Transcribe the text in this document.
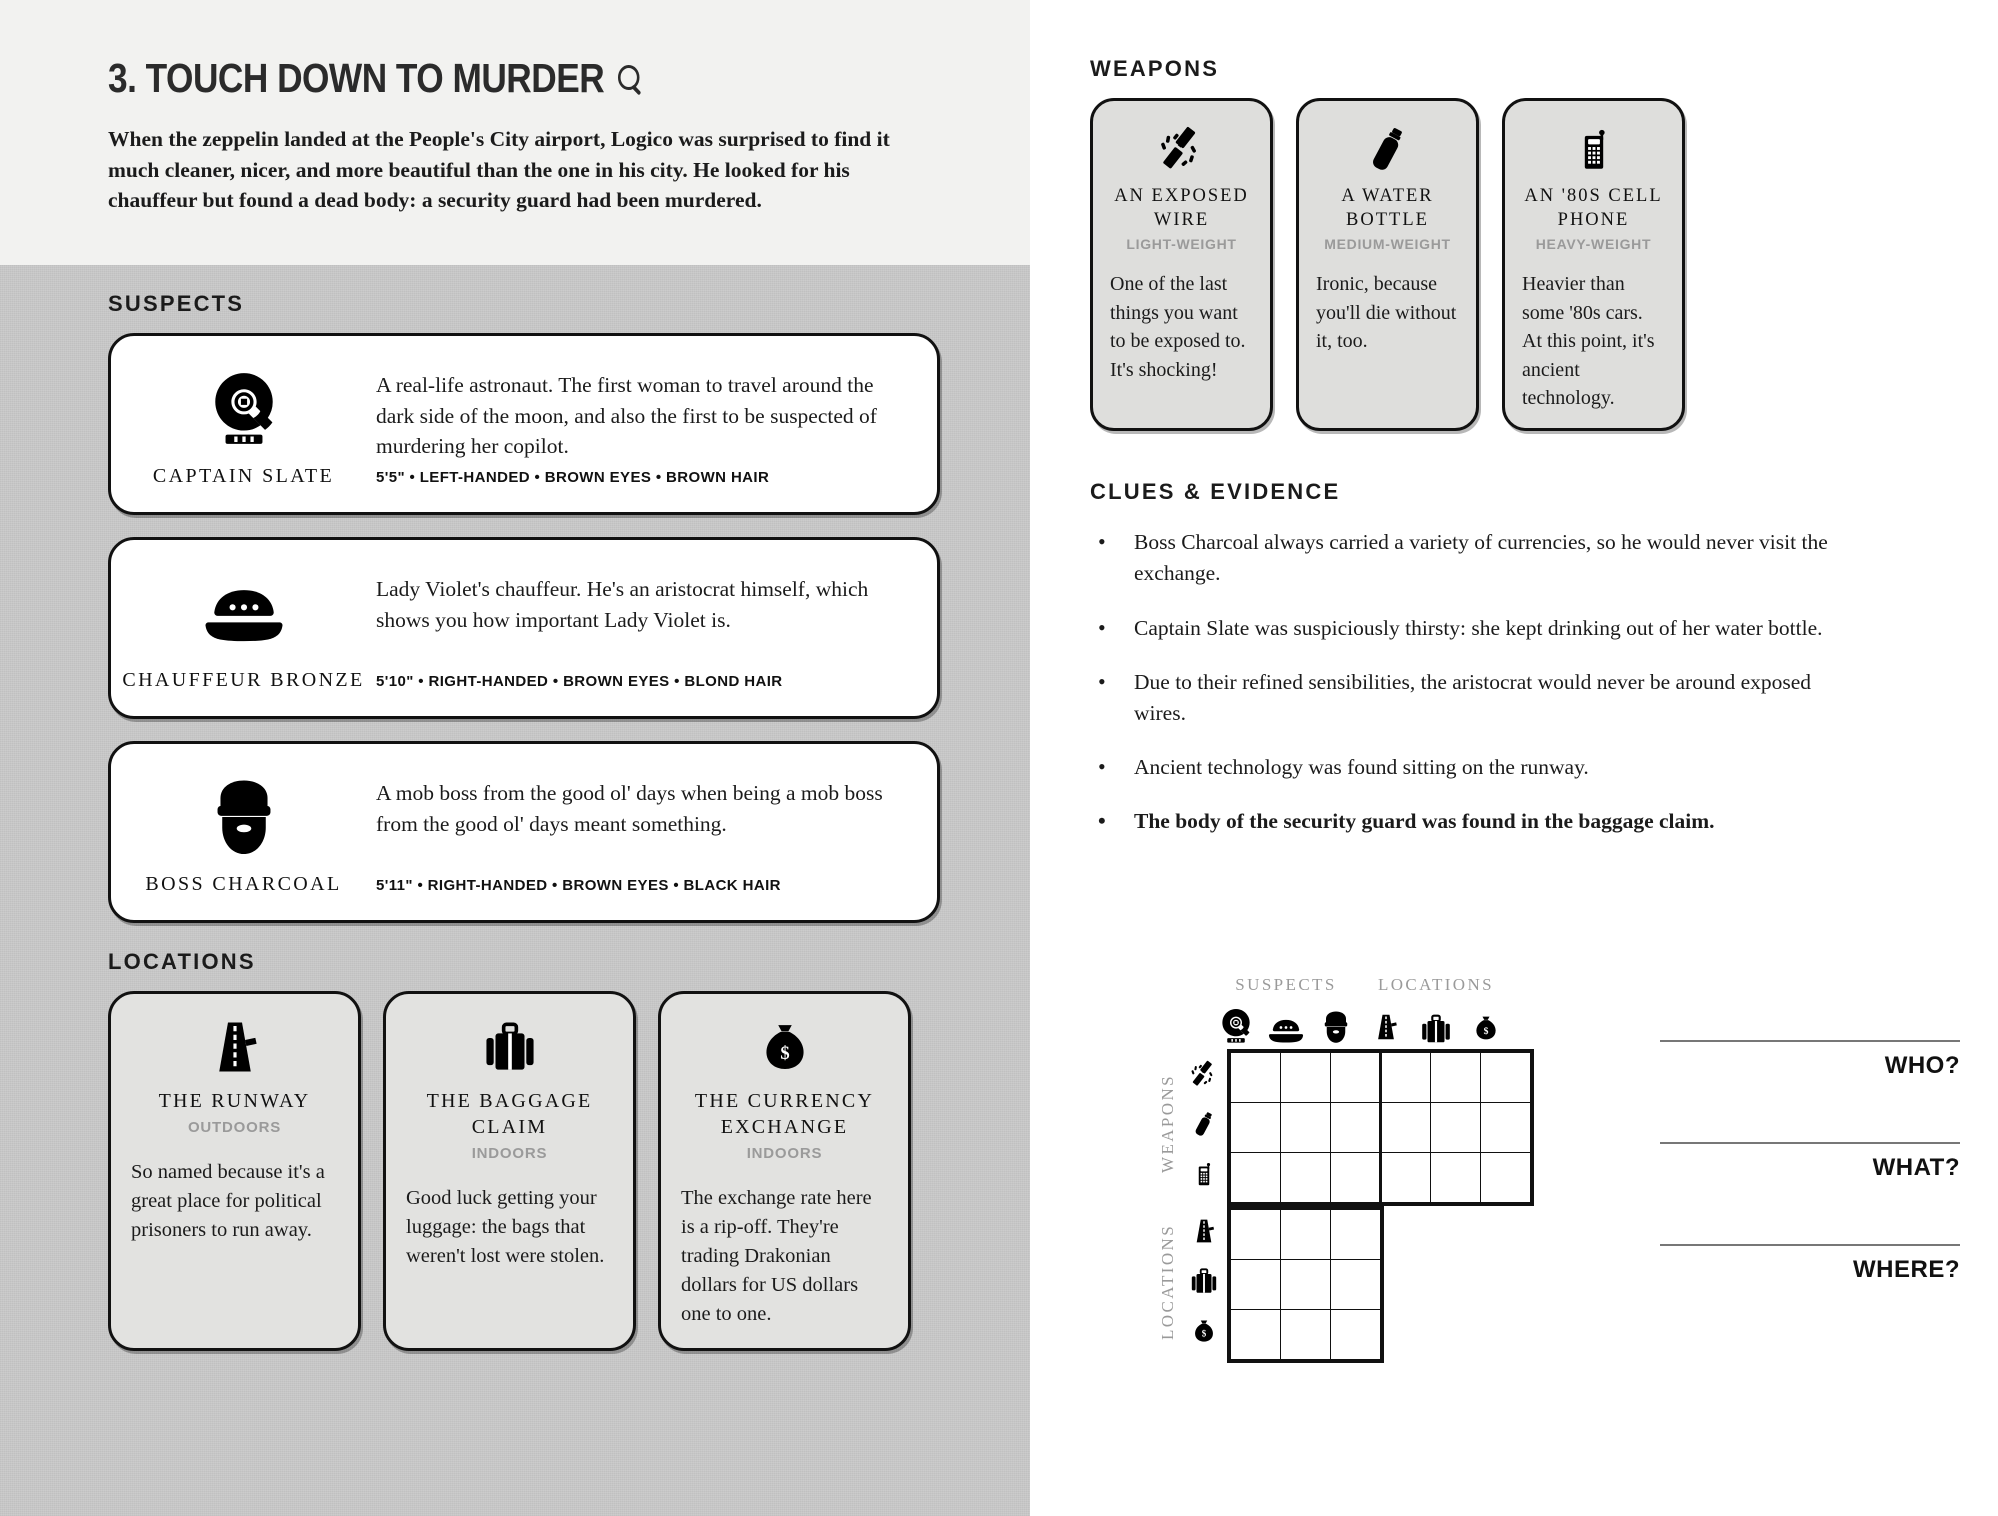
3. TOUCH DOWN TO MURDER

When the zeppelin landed at the People's City airport, Logico was surprised to find it much cleaner, nicer, and more beautiful than the one in his city. He looked for his chauffeur but found a dead body: a security guard had been murdered.

SUSPECTS
CAPTAIN SLATE
A real-life astronaut. The first woman to travel around the dark side of the moon, and also the first to be suspected of murdering her copilot.
5'5" • LEFT-HANDED • BROWN EYES • BROWN HAIR
CHAUFFEUR BRONZE
Lady Violet's chauffeur. He's an aristocrat himself, which shows you how important Lady Violet is.
5'10" • RIGHT-HANDED • BROWN EYES • BLOND HAIR
BOSS CHARCOAL
A mob boss from the good ol' days when being a mob boss from the good ol' days meant something.
5'11" • RIGHT-HANDED • BROWN EYES • BLACK HAIR
LOCATIONS
THE RUNWAY
OUTDOORS
So named because it's a great place for political prisoners to run away.
THE BAGGAGE CLAIM
INDOORS
Good luck getting your luggage: the bags that weren't lost were stolen.
THE CURRENCY EXCHANGE
INDOORS
The exchange rate here is a rip-off. They're trading Drakonian dollars for US dollars one to one.
WEAPONS
AN EXPOSED WIRE
LIGHT-WEIGHT
One of the last things you want to be exposed to. It's shocking!
A WATER BOTTLE
MEDIUM-WEIGHT
Ironic, because you'll die without it, too.
AN '80S CELL PHONE
HEAVY-WEIGHT
Heavier than some '80s cars. At this point, it's ancient technology.
CLUES & EVIDENCE
• Boss Charcoal always carried a variety of currencies, so he would never visit the exchange.
• Captain Slate was suspiciously thirsty: she kept drinking out of her water bottle.
• Due to their refined sensibilities, the aristocrat would never be around exposed wires.
• Ancient technology was found sitting on the runway.
• The body of the security guard was found in the baggage claim.
SUSPECTS	LOCATIONS
WEAPONS

LOCATIONS

WHO?
WHAT?
WHERE?
